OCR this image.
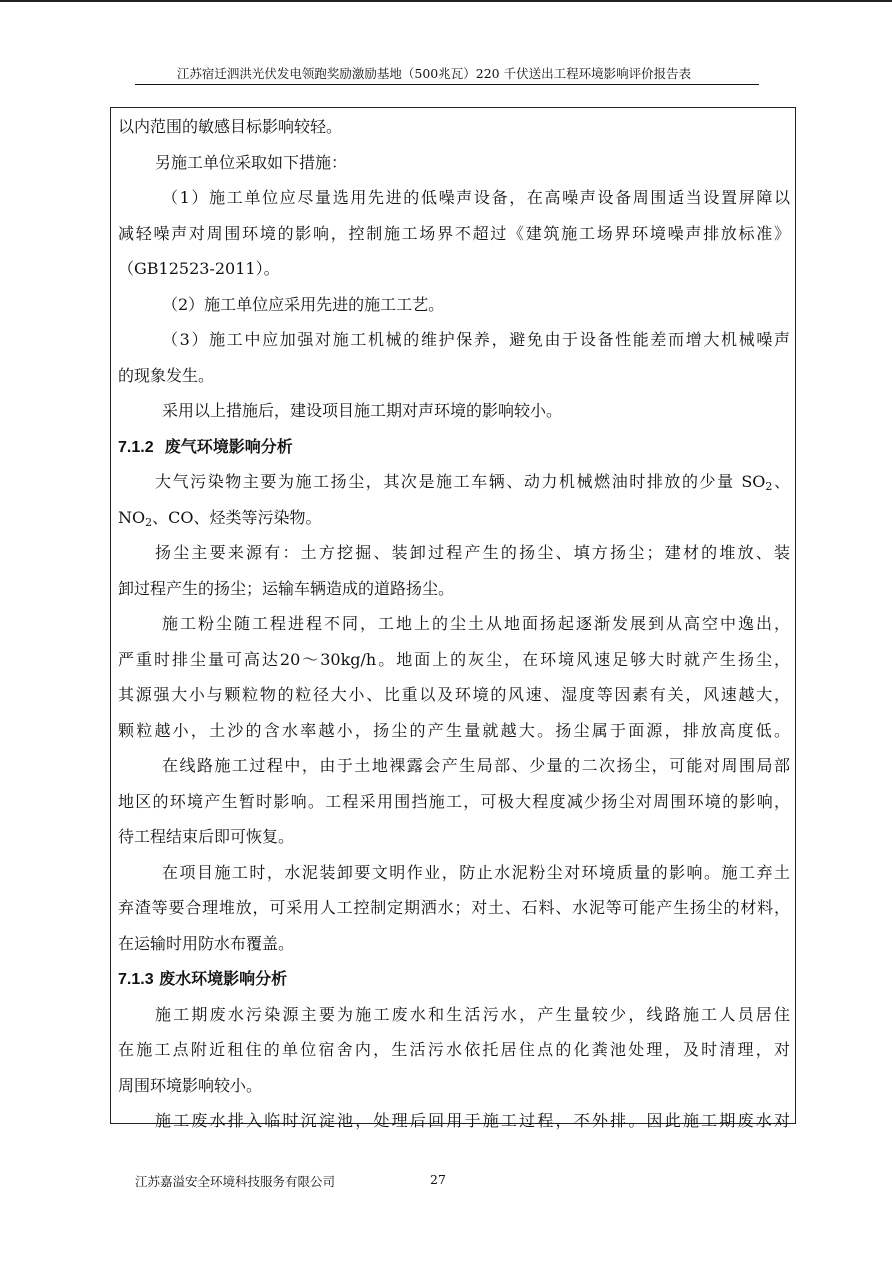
江苏宿迁泗洪光伏发电领跑奖励激励基地（500兆瓦）220 千伏送出工程环境影响评价报告表
以内范围的敏感目标影响较轻。
另施工单位采取如下措施：
（1）施工单位应尽量选用先进的低噪声设备，在高噪声设备周围适当设置屏障以
减轻噪声对周围环境的影响，控制施工场界不超过《建筑施工场界环境噪声排放标准》
（GB12523-2011）。
（2）施工单位应采用先进的施工工艺。
（3）施工中应加强对施工机械的维护保养，避免由于设备性能差而增大机械噪声
的现象发生。
采用以上措施后，建设项目施工期对声环境的影响较小。
7.1.2 废气环境影响分析
大气污染物主要为施工扬尘，其次是施工车辆、动力机械燃油时排放的少量 $SO_2$、
$NO_2$、CO、烃类等污染物。
扬尘主要来源有：土方挖掘、装卸过程产生的扬尘、填方扬尘；建材的堆放、装
卸过程产生的扬尘；运输车辆造成的道路扬尘。
施工粉尘随工程进程不同，工地上的尘土从地面扬起逐渐发展到从高空中逸出，
严重时排尘量可高达20～30kg/h。地面上的灰尘，在环境风速足够大时就产生扬尘，
其源强大小与颗粒物的粒径大小、比重以及环境的风速、湿度等因素有关，风速越大，
颗粒越小，土沙的含水率越小，扬尘的产生量就越大。扬尘属于面源，排放高度低。
在线路施工过程中，由于土地裸露会产生局部、少量的二次扬尘，可能对周围局部
地区的环境产生暂时影响。工程采用围挡施工，可极大程度减少扬尘对周围环境的影响，
待工程结束后即可恢复。
在项目施工时，水泥装卸要文明作业，防止水泥粉尘对环境质量的影响。施工弃土
弃渣等要合理堆放，可采用人工控制定期洒水；对土、石料、水泥等可能产生扬尘的材料，
在运输时用防水布覆盖。
7.1.3 废水环境影响分析
施工期废水污染源主要为施工废水和生活污水，产生量较少，线路施工人员居住
在施工点附近租住的单位宿舍内，生活污水依托居住点的化粪池处理，及时清理，对
周围环境影响较小。
施工废水排入临时沉淀池，处理后回用于施工过程，不外排。因此施工期废水对
江苏嘉溢安全环境科技服务有限公司	27
